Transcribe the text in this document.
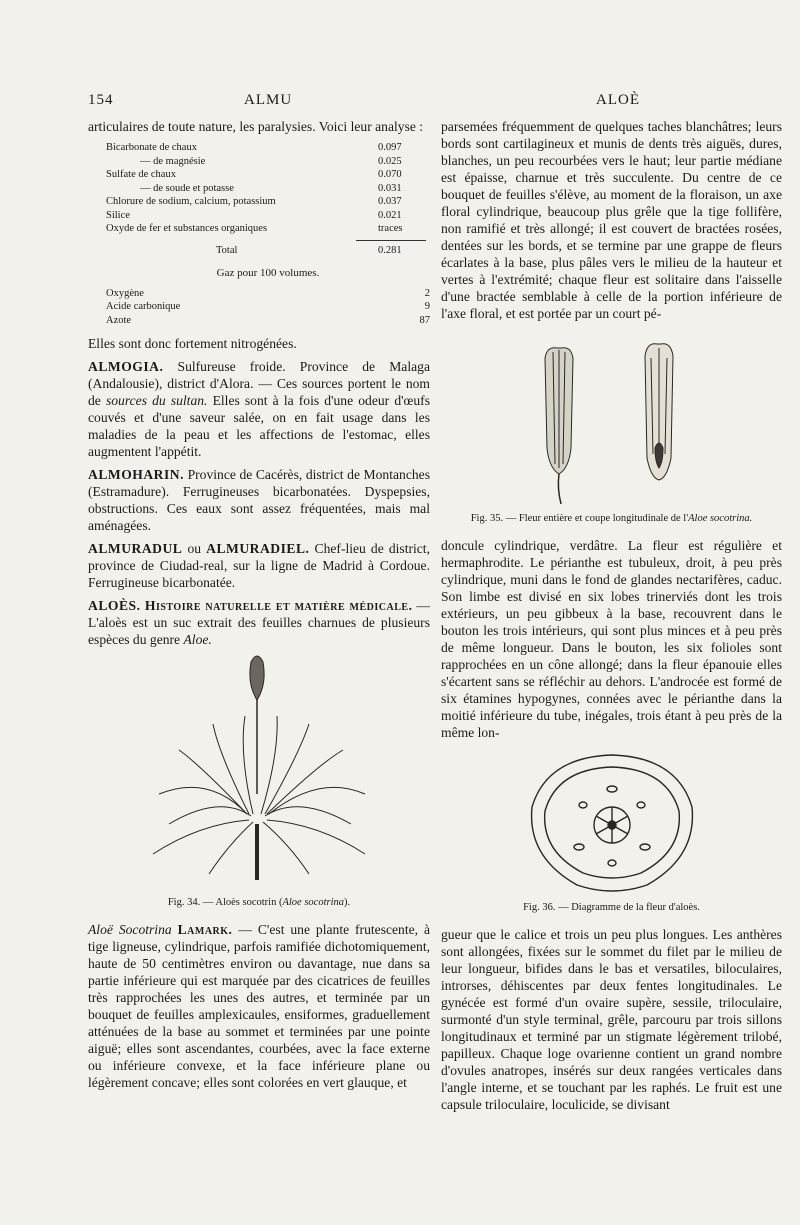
154	ALMU	ALOÈ

articulaires de toute nature, les paralysies. Voici leur analyse :

Bicarbonate de chaux	0.097
— de magnésie	0.025
Sulfate de chaux	0.070
— de soude et potasse	0.031
Chlorure de sodium, calcium, potassium	0.037
Silice	0.021
Oxyde de fer et substances organiques	traces
Total	0.281
Gaz pour 100 volumes.
Oxygène	2
Acide carbonique	9
Azote	87

Elles sont donc fortement nitrogénées.

ALMOGIA. Sulfureuse froide. Province de Malaga (Andalousie), district d'Alora. — Ces sources portent le nom de sources du sultan. Elles sont à la fois d'une odeur d'œufs couvés et d'une saveur salée, on en fait usage dans les maladies de la peau et les affections de l'estomac, elles augmentent l'appétit.

ALMOHARIN. Province de Cacérès, district de Montanches (Estramadure). Ferrugineuses bicarbonatées. Dyspepsies, obstructions. Ces eaux sont assez fréquentées, mais mal aménagées.

ALMURADUL ou ALMURADIEL. Chef-lieu de district, province de Ciudad-real, sur la ligne de Madrid à Cordoue. Ferrugineuse bicarbonatée.

ALOÈS. Histoire naturelle et matière médicale. — L'aloès est un suc extrait des feuilles charnues de plusieurs espèces du genre Aloe.

Fig. 34. — Aloès socotrin (Aloe socotrina).

Aloë Socotrina Lamark. — C'est une plante frutescente, à tige ligneuse, cylindrique, parfois ramifiée dichotomiquement, haute de 50 centimètres environ ou davantage, nue dans sa partie inférieure qui est marquée par des cicatrices de feuilles très rapprochées les unes des autres, et terminée par un bouquet de feuilles amplexicaules, ensiformes, graduellement atténuées de la base au sommet et terminées par une pointe aiguë; elles sont ascendantes, courbées, avec la face externe ou inférieure convexe, et la face inférieure plane ou légèrement concave; elles sont colorées en vert glauque, et

parsemées fréquemment de quelques taches blanchâtres; leurs bords sont cartilagineux et munis de dents très aiguës, dures, blanches, un peu recourbées vers le haut; leur partie médiane est épaisse, charnue et très succulente. Du centre de ce bouquet de feuilles s'élève, au moment de la floraison, un axe floral cylindrique, beaucoup plus grêle que la tige follifère, non ramifié et très allongé; il est couvert de bractées rosées, dentées sur les bords, et se termine par une grappe de fleurs écarlates à la base, plus pâles vers le milieu de la hauteur et vertes à l'extrémité; chaque fleur est solitaire dans l'aisselle d'une bractée semblable à celle de la portion inférieure de l'axe floral, et est portée par un court pé-

Fig. 35. — Fleur entière et coupe longitudinale de l'Aloe socotrina.

doncule cylindrique, verdâtre. La fleur est régulière et hermaphrodite. Le périanthe est tubuleux, droit, à peu près cylindrique, muni dans le fond de glandes nectarifères, caduc. Son limbe est divisé en six lobes trinerviés dont les trois extérieurs, un peu gibbeux à la base, recouvrent dans le bouton les trois intérieurs, qui sont plus minces et à peu près de même longueur. Dans le bouton, les six folioles sont rapprochées en un cône allongé; dans la fleur épanouie elles s'écartent sans se réfléchir au dehors. L'androcée est formé de six étamines hypogynes, connées avec le périanthe dans la moitié inférieure du tube, inégales, trois étant à peu près de la même lon-

Fig. 36. — Diagramme de la fleur d'aloès.

gueur que le calice et trois un peu plus longues. Les anthères sont allongées, fixées sur le sommet du filet par le milieu de leur longueur, bifides dans le bas et versatiles, biloculaires, introrses, déhiscentes par deux fentes longitudinales. Le gynécée est formé d'un ovaire supère, sessile, triloculaire, surmonté d'un style terminal, grêle, parcouru par trois sillons longitudinaux et terminé par un stigmate légèrement trilobé, papilleux. Chaque loge ovarienne contient un grand nombre d'ovules anatropes, insérés sur deux rangées verticales dans l'angle interne, et se touchant par les raphés. Le fruit est une capsule triloculaire, loculicide, se divisant
